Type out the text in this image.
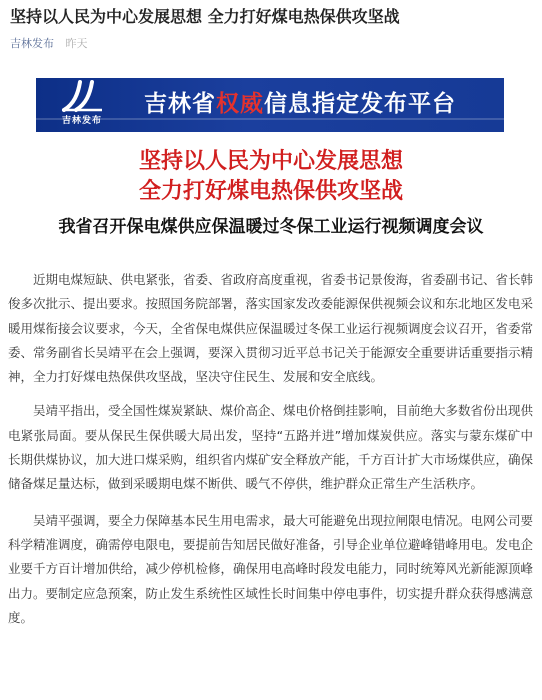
坚持以人民为中心发展思想 全力打好煤电热保供攻坚战
吉林发布 昨天
吉林发布
吉林省权威信息指定发布平台
坚持以人民为中心发展思想
全力打好煤电热保供攻坚战
我省召开保电煤供应保温暖过冬保工业运行视频调度会议

近期电煤短缺、供电紧张，省委、省政府高度重视，省委书记景俊海，省委副书记、省长韩俊多次批示、提出要求。按照国务院部署，落实国家发改委能源保供视频会议和东北地区发电采暖用煤衔接会议要求，今天，全省保电煤供应保温暖过冬保工业运行视频调度会议召开，省委常委、常务副省长吴靖平在会上强调，要深入贯彻习近平总书记关于能源安全重要讲话重要指示精神，全力打好煤电热保供攻坚战，坚决守住民生、发展和安全底线。

吴靖平指出，受全国性煤炭紧缺、煤价高企、煤电价格倒挂影响，目前绝大多数省份出现供电紧张局面。要从保民生保供暖大局出发，坚持“五路并进”增加煤炭供应。落实与蒙东煤矿中长期供煤协议，加大进口煤采购，组织省内煤矿安全释放产能，千方百计扩大市场煤供应，确保储备煤足量达标，做到采暖期电煤不断供、暖气不停供，维护群众正常生产生活秩序。

吴靖平强调，要全力保障基本民生用电需求，最大可能避免出现拉闸限电情况。电网公司要科学精准调度，确需停电限电，要提前告知居民做好准备，引导企业单位避峰错峰用电。发电企业要千方百计增加供给，减少停机检修，确保用电高峰时段发电能力，同时统筹风光新能源顶峰出力。要制定应急预案，防止发生系统性区域性长时间集中停电事件，切实提升群众获得感满意度。
